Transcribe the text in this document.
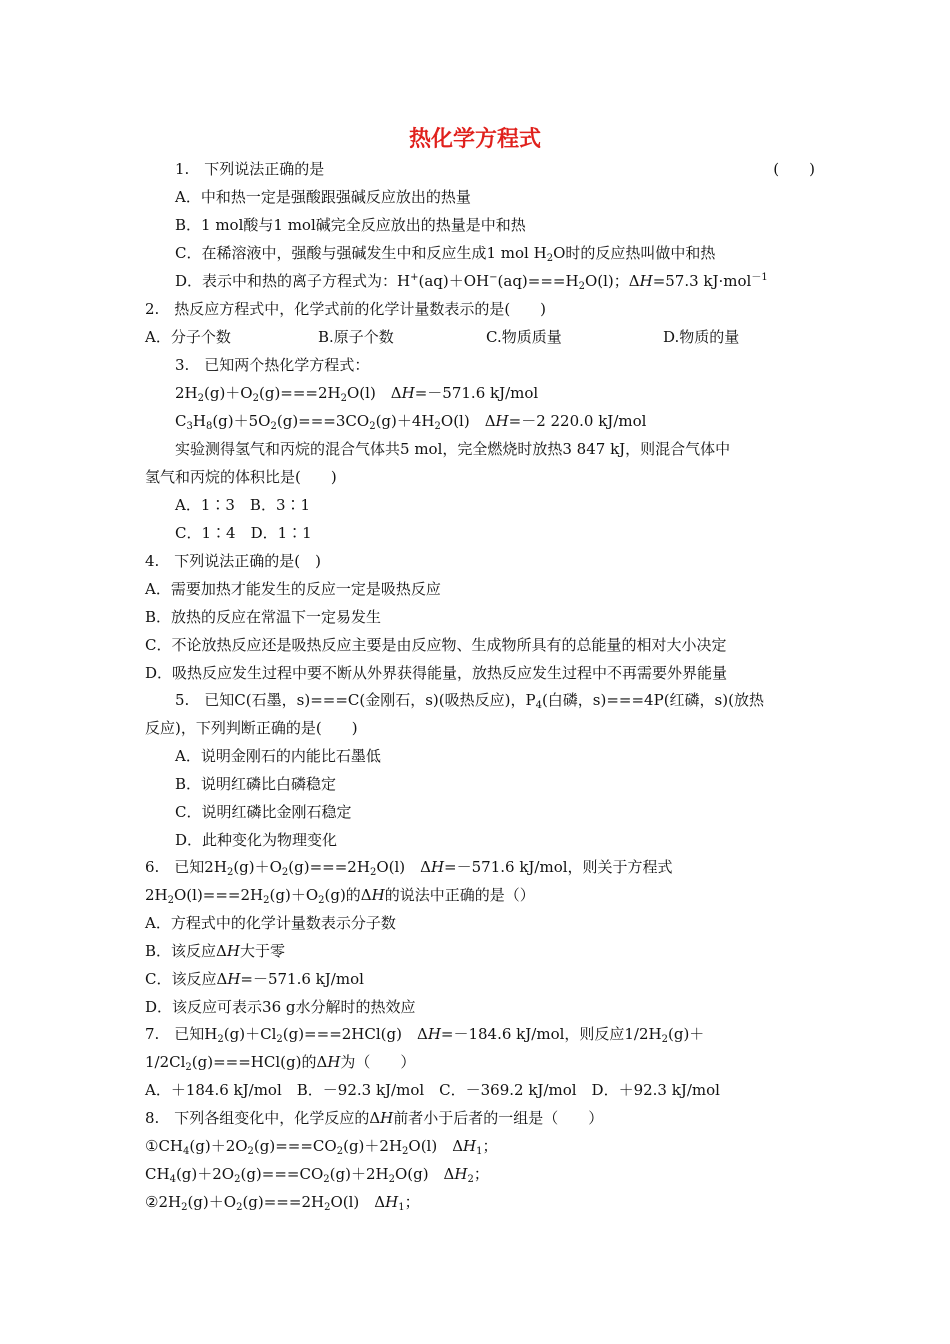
热化学方程式
1.　下列说法正确的是	(　　)
A．中和热一定是强酸跟强碱反应放出的热量
B．1 mol酸与1 mol碱完全反应放出的热量是中和热
C．在稀溶液中，强酸与强碱发生中和反应生成1 mol $H_2O$时的反应热叫做中和热
D．表示中和热的离子方程式为：$H^+(aq)+OH^-(aq)===H_2O(l)$；ΔH=57.3 kJ·mol$^{-1}$
2.　热反应方程式中，化学式前的化学计量数表示的是(　　)
A．分子个数	B.原子个数	C.物质质量	D.物质的量
3.　已知两个热化学方程式：
$2H_2(g)+O_2(g)===2H_2O(l)$　ΔH=－571.6 kJ/mol
$C_3H_8(g)+5O_2(g)===3CO_2(g)+4H_2O(l)$　ΔH=－2 220.0 kJ/mol
实验测得氢气和丙烷的混合气体共5 mol，完全燃烧时放热3 847 kJ，则混合气体中
氢气和丙烷的体积比是(　　)
A．1∶3　B．3∶1
C．1∶4　D．1∶1
4.　下列说法正确的是(　)
A．需要加热才能发生的反应一定是吸热反应
B．放热的反应在常温下一定易发生
C．不论放热反应还是吸热反应主要是由反应物、生成物所具有的总能量的相对大小决定
D．吸热反应发生过程中要不断从外界获得能量，放热反应发生过程中不再需要外界能量
5.　已知C(石墨，s)===C(金刚石，s)(吸热反应)，$P_4$(白磷，s)===4P(红磷，s)(放热
反应)，下列判断正确的是(　　)
A．说明金刚石的内能比石墨低
B．说明红磷比白磷稳定
C．说明红磷比金刚石稳定
D．此种变化为物理变化
6.　已知$2H_2(g)+O_2(g)===2H_2O(l)$　ΔH=－571.6 kJ/mol，则关于方程式
$2H_2O(l)===2H_2(g)+O_2(g)$的ΔH的说法中正确的是（）
A．方程式中的化学计量数表示分子数
B．该反应ΔH大于零
C．该反应ΔH=－571.6 kJ/mol
D．该反应可表示36 g水分解时的热效应
7.　已知$H_2(g)+Cl_2(g)===2HCl(g)$　ΔH=－184.6 kJ/mol，则反应$1/2H_2(g)+$
$1/2Cl_2(g)===HCl(g)$的ΔH为（　　）
A．＋184.6 kJ/mol　B．－92.3 kJ/mol　C．－369.2 kJ/mol　D．＋92.3 kJ/mol
8.　下列各组变化中，化学反应的ΔH前者小于后者的一组是（　　）
$①CH_4(g)+2O_2(g)===CO_2(g)+2H_2O(l)$　$\Delta H_1$；
$CH_4(g)+2O_2(g)===CO_2(g)+2H_2O(g)$　$\Delta H_2$；
$②2H_2(g)+O_2(g)===2H_2O(l)$　$\Delta H_1$；
